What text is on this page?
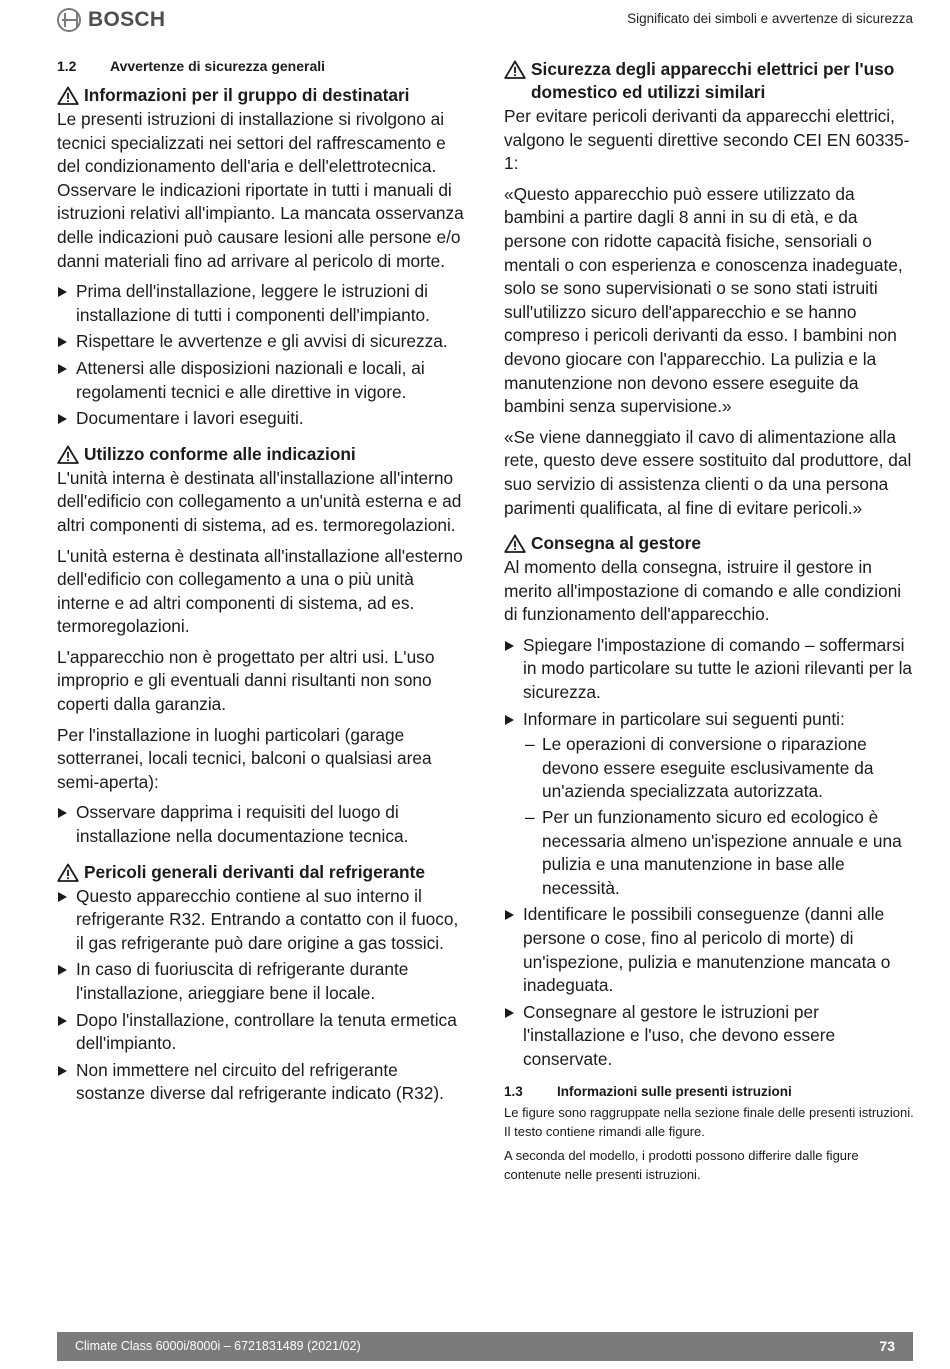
BOSCH	Significato dei simboli e avvertenze di sicurezza
1.2	Avvertenze di sicurezza generali
Informazioni per il gruppo di destinatari

Le presenti istruzioni di installazione si rivolgono ai tecnici specializzati nei settori del raffrescamento e del condizionamento dell'aria e dell'elettrotecnica. Osservare le indicazioni riportate in tutti i manuali di istruzioni relativi all'impianto. La mancata osservanza delle indicazioni può causare lesioni alle persone e/o danni materiali fino ad arrivare al pericolo di morte.

Prima dell'installazione, leggere le istruzioni di installazione di tutti i componenti dell'impianto.
Rispettare le avvertenze e gli avvisi di sicurezza.
Attenersi alle disposizioni nazionali e locali, ai regolamenti tecnici e alle direttive in vigore.
Documentare i lavori eseguiti.
Utilizzo conforme alle indicazioni

L'unità interna è destinata all'installazione all'interno dell'edificio con collegamento a un'unità esterna e ad altri componenti di sistema, ad es. termoregolazioni.

L'unità esterna è destinata all'installazione all'esterno dell'edificio con collegamento a una o più unità interne e ad altri componenti di sistema, ad es. termoregolazioni.

L'apparecchio non è progettato per altri usi. L'uso improprio e gli eventuali danni risultanti non sono coperti dalla garanzia.

Per l'installazione in luoghi particolari (garage sotterranei, locali tecnici, balconi o qualsiasi area semi-aperta):

Osservare dapprima i requisiti del luogo di installazione nella documentazione tecnica.
Pericoli generali derivanti dal refrigerante
Questo apparecchio contiene al suo interno il refrigerante R32. Entrando a contatto con il fuoco, il gas refrigerante può dare origine a gas tossici.
In caso di fuoriuscita di refrigerante durante l'installazione, arieggiare bene il locale.
Dopo l'installazione, controllare la tenuta ermetica dell'impianto.
Non immettere nel circuito del refrigerante sostanze diverse dal refrigerante indicato (R32).
Sicurezza degli apparecchi elettrici per l'uso domestico ed utilizzi similari

Per evitare pericoli derivanti da apparecchi elettrici, valgono le seguenti direttive secondo CEI EN 60335-1:

«Questo apparecchio può essere utilizzato da bambini a partire dagli 8 anni in su di età, e da persone con ridotte capacità fisiche, sensoriali o mentali o con esperienza e conoscenza inadeguate, solo se sono supervisionati o se sono stati istruiti sull'utilizzo sicuro dell'apparecchio e se hanno compreso i pericoli derivanti da esso. I bambini non devono giocare con l'apparecchio. La pulizia e la manutenzione non devono essere eseguite da bambini senza supervisione.»

«Se viene danneggiato il cavo di alimentazione alla rete, questo deve essere sostituito dal produttore, dal suo servizio di assistenza clienti o da una persona parimenti qualificata, al fine di evitare pericoli.»

Consegna al gestore

Al momento della consegna, istruire il gestore in merito all'impostazione di comando e alle condizioni di funzionamento dell'apparecchio.

Spiegare l'impostazione di comando – soffermarsi in modo particolare su tutte le azioni rilevanti per la sicurezza.
Informare in particolare sui seguenti punti:
– Le operazioni di conversione o riparazione devono essere eseguite esclusivamente da un'azienda specializzata autorizzata.
– Per un funzionamento sicuro ed ecologico è necessaria almeno un'ispezione annuale e una pulizia e una manutenzione in base alle necessità.
Identificare le possibili conseguenze (danni alle persone o cose, fino al pericolo di morte) di un'ispezione, pulizia e manutenzione mancata o inadeguata.
Consegnare al gestore le istruzioni per l'installazione e l'uso, che devono essere conservate.
1.3	Informazioni sulle presenti istruzioni

Le figure sono raggruppate nella sezione finale delle presenti istruzioni. Il testo contiene rimandi alle figure.

A seconda del modello, i prodotti possono differire dalle figure contenute nelle presenti istruzioni.

Climate Class 6000i/8000i – 6721831489 (2021/02)	73
